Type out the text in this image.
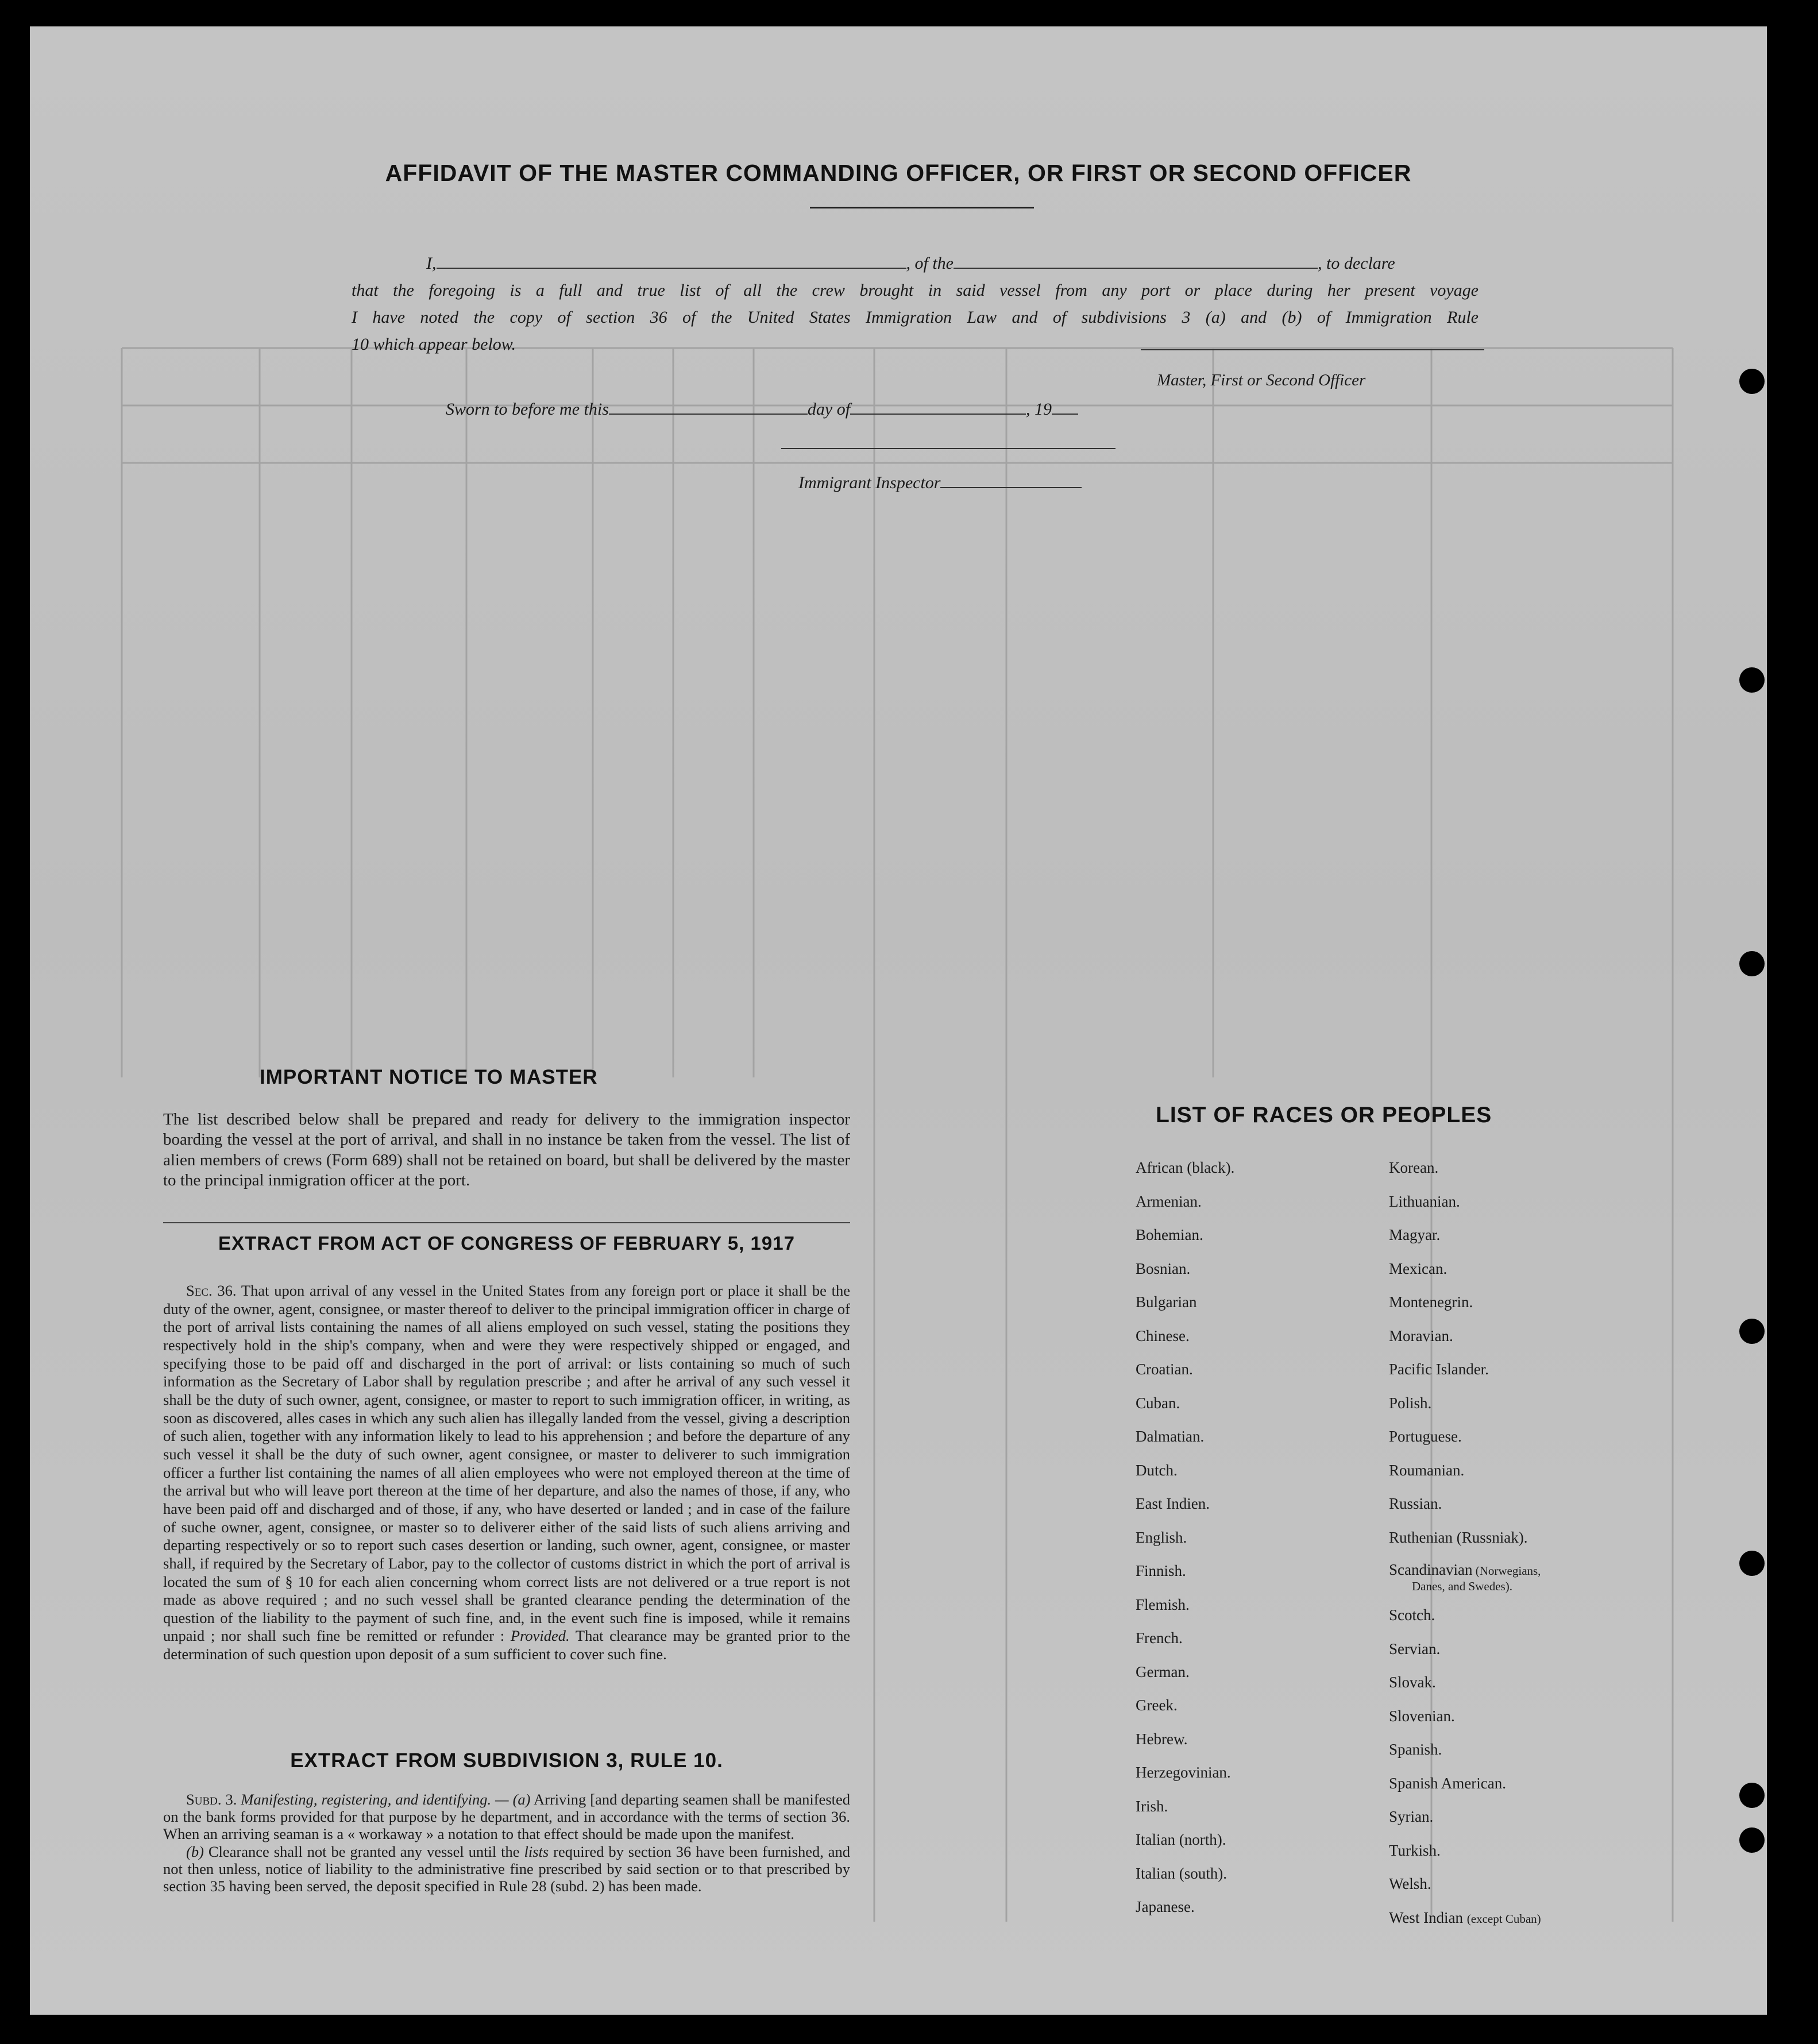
AFFIDAVIT OF THE MASTER COMMANDING OFFICER, OR FIRST OR SECOND OFFICER
I,	, of the	, to declare
that the foregoing is a full and true list of all the crew brought in said vessel from any port or place during her present voyage
I have noted the copy of section 36 of the United States Immigration Law and of subdivisions 3 (a) and (b) of Immigration Rule
10 which appear below.
Master, First or Second Officer
Sworn to before me this	day of	, 19
Immigrant Inspector
IMPORTANT NOTICE TO MASTER
The list described below shall be prepared and ready for delivery to the immigration inspector boarding the vessel at the port of arrival, and shall in no instance be taken from the vessel. The list of alien members of crews (Form 689) shall not be retained on board, but shall be delivered by the master to the principal inmigration officer at the port.
EXTRACT FROM ACT OF CONGRESS OF FEBRUARY 5, 1917
Sec. 36. That upon arrival of any vessel in the United States from any foreign port or place it shall be the duty of the owner, agent, consignee, or master thereof to deliver to the principal immigration officer in charge of the port of arrival lists containing the names of all aliens employed on such vessel, stating the positions they respectively hold in the ship's company, when and were they were respectively shipped or engaged, and specifying those to be paid off and discharged in the port of arrival: or lists containing so much of such information as the Secretary of Labor shall by regulation prescribe ; and after he arrival of any such vessel it shall be the duty of such owner, agent, consignee, or master to report to such immigration officer, in writing, as soon as discovered, alles cases in which any such alien has illegally landed from the vessel, giving a description of such alien, together with any information likely to lead to his apprehension ; and before the departure of any such vessel it shall be the duty of such owner, agent consignee, or master to deliverer to such immigration officer a further list containing the names of all alien employees who were not employed thereon at the time of the arrival but who will leave port thereon at the time of her departure, and also the names of those, if any, who have been paid off and discharged and of those, if any, who have deserted or landed ; and in case of the failure of suche owner, agent, consignee, or master so to deliverer either of the said lists of such aliens arriving and departing respectively or so to report such cases desertion or landing, such owner, agent, consignee, or master shall, if required by the Secretary of Labor, pay to the collector of customs district in which the port of arrival is located the sum of § 10 for each alien concerning whom correct lists are not delivered or a true report is not made as above required ; and no such vessel shall be granted clearance pending the determination of the question of the liability to the payment of such fine, and, in the event such fine is imposed, while it remains unpaid ; nor shall such fine be remitted or refunder : Provided. That clearance may be granted prior to the determination of such question upon deposit of a sum sufficient to cover such fine.
EXTRACT FROM SUBDIVISION 3, RULE 10.

Subd. 3. Manifesting, registering, and identifying. — (a) Arriving [and departing seamen shall be manifested on the bank forms provided for that purpose by he department, and in accordance with the terms of section 36. When an arriving seaman is a « workaway » a notation to that effect should be made upon the manifest.

(b) Clearance shall not be granted any vessel until the lists required by section 36 have been furnished, and not then unless, notice of liability to the administrative fine prescribed by said section or to that prescribed by section 35 having been served, the deposit specified in Rule 28 (subd. 2) has been made.

LIST OF RACES OR PEOPLES
African (black).
Armenian.
Bohemian.
Bosnian.
Bulgarian
Chinese.
Croatian.
Cuban.
Dalmatian.
Dutch.
East Indien.
English.
Finnish.
Flemish.
French.
German.
Greek.
Hebrew.
Herzegovinian.
Irish.
Italian (north).
Italian (south).
Japanese.
Korean.
Lithuanian.
Magyar.
Mexican.
Montenegrin.
Moravian.
Pacific Islander.
Polish.
Portuguese.
Roumanian.
Russian.
Ruthenian (Russniak).
Scandinavian (Norwegians,
Danes, and Swedes).
Scotch.
Servian.
Slovak.
Slovenian.
Spanish.
Spanish American.
Syrian.
Turkish.
Welsh.
West Indian (except Cuban)
